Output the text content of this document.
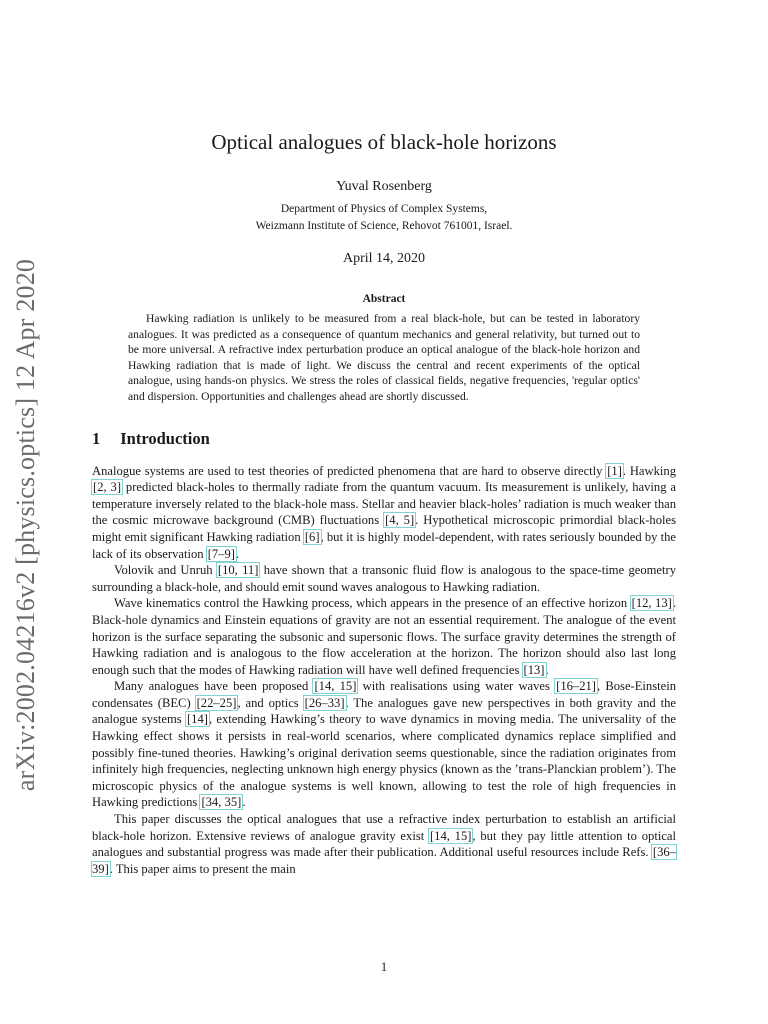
arXiv:2002.04216v2 [physics.optics] 12 Apr 2020
Optical analogues of black-hole horizons
Yuval Rosenberg
Department of Physics of Complex Systems,
Weizmann Institute of Science, Rehovot 761001, Israel.
April 14, 2020
Abstract
Hawking radiation is unlikely to be measured from a real black-hole, but can be tested in laboratory analogues. It was predicted as a consequence of quantum mechanics and general relativity, but turned out to be more universal. A refractive index perturbation produce an optical analogue of the black-hole horizon and Hawking radiation that is made of light. We discuss the central and recent experiments of the optical analogue, using hands-on physics. We stress the roles of classical fields, negative frequencies, 'regular optics' and dispersion. Opportunities and challenges ahead are shortly discussed.
1 Introduction

Analogue systems are used to test theories of predicted phenomena that are hard to observe directly [1]. Hawking [2, 3] predicted black-holes to thermally radiate from the quantum vacuum. Its measurement is unlikely, having a temperature inversely related to the black-hole mass. Stellar and heavier black-holes’ radiation is much weaker than the cosmic microwave background (CMB) fluctuations [4, 5]. Hypothetical microscopic primordial black-holes might emit significant Hawking radiation [6], but it is highly model-dependent, with rates seriously bounded by the lack of its observation [7–9].

Volovik and Unruh [10, 11] have shown that a transonic fluid flow is analogous to the space-time geometry surrounding a black-hole, and should emit sound waves analogous to Hawking radiation.

Wave kinematics control the Hawking process, which appears in the presence of an effective horizon [12, 13]. Black-hole dynamics and Einstein equations of gravity are not an essential requirement. The analogue of the event horizon is the surface separating the subsonic and supersonic flows. The surface gravity determines the strength of Hawking radiation and is analogous to the flow acceleration at the horizon. The horizon should also last long enough such that the modes of Hawking radiation will have well defined frequencies [13].

Many analogues have been proposed [14, 15] with realisations using water waves [16–21], Bose-Einstein condensates (BEC) [22–25], and optics [26–33]. The analogues gave new perspectives in both gravity and the analogue systems [14], extending Hawking’s theory to wave dynamics in moving media. The universality of the Hawking effect shows it persists in real-world scenarios, where complicated dynamics replace simplified and possibly fine-tuned theories. Hawking’s original derivation seems questionable, since the radiation originates from infinitely high frequencies, neglecting unknown high energy physics (known as the ’trans-Planckian problem’). The microscopic physics of the analogue systems is well known, allowing to test the role of high frequencies in Hawking predictions [34, 35].

This paper discusses the optical analogues that use a refractive index perturbation to establish an artificial black-hole horizon. Extensive reviews of analogue gravity exist [14, 15], but they pay little attention to optical analogues and substantial progress was made after their publication. Additional useful resources include Refs. [36–39]. This paper aims to present the main

1
